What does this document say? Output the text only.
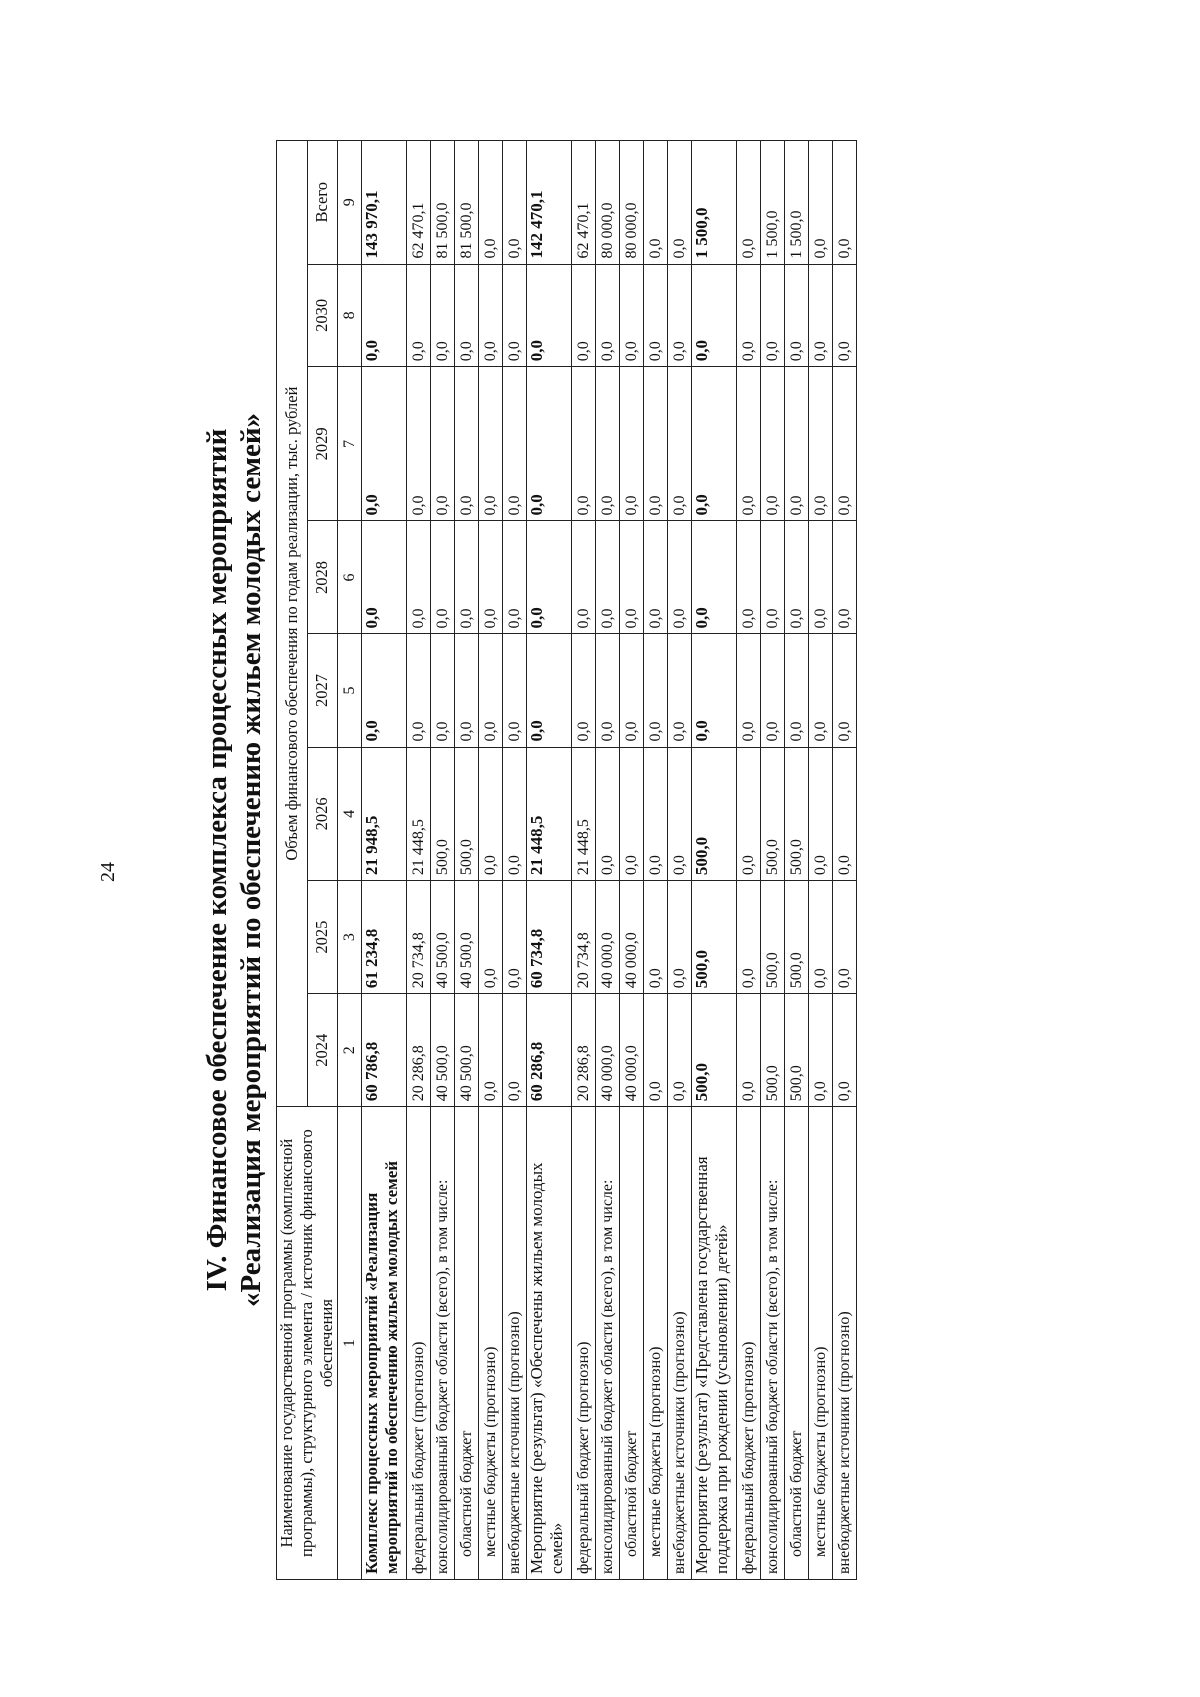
24	IV. Финансовое обеспечение комплекса процессных мероприятий «Реализация мероприятий по обеспечению жильем молодых семей»
Наименование государственной программы (комплексной программы), структурного элемента / источник финансового обеспечения	Объем финансового обеспечения по годам реализации, тыс. рублей							
	2024	2025	2026	2027	2028	2029	2030	Всего
1	2	3	4	5	6	7	8	9
Комплекс процессных мероприятий «Реализация мероприятий по обеспечению жильем молодых семей	60 786,8	61 234,8	21 948,5	0,0	0,0	0,0	0,0	143 970,1
федеральный бюджет (прогнозно)	20 286,8	20 734,8	21 448,5	0,0	0,0	0,0	0,0	62 470,1
консолидированный бюджет области (всего), в том числе:	40 500,0	40 500,0	500,0	0,0	0,0	0,0	0,0	81 500,0
областной бюджет	40 500,0	40 500,0	500,0	0,0	0,0	0,0	0,0	81 500,0
местные бюджеты (прогнозно)	0,0	0,0	0,0	0,0	0,0	0,0	0,0	0,0
внебюджетные источники (прогнозно)	0,0	0,0	0,0	0,0	0,0	0,0	0,0	0,0
Мероприятие (результат) «Обеспечены жильем молодых семей»	60 286,8	60 734,8	21 448,5	0,0	0,0	0,0	0,0	142 470,1
федеральный бюджет (прогнозно)	20 286,8	20 734,8	21 448,5	0,0	0,0	0,0	0,0	62 470,1
консолидированный бюджет области (всего), в том числе:	40 000,0	40 000,0	0,0	0,0	0,0	0,0	0,0	80 000,0
областной бюджет	40 000,0	40 000,0	0,0	0,0	0,0	0,0	0,0	80 000,0
местные бюджеты (прогнозно)	0,0	0,0	0,0	0,0	0,0	0,0	0,0	0,0
внебюджетные источники (прогнозно)	0,0	0,0	0,0	0,0	0,0	0,0	0,0	0,0
Мероприятие (результат) «Представлена государственная поддержка при рождении (усыновлении) детей»	500,0	500,0	500,0	0,0	0,0	0,0	0,0	1 500,0
федеральный бюджет (прогнозно)	0,0	0,0	0,0	0,0	0,0	0,0	0,0	0,0
консолидированный бюджет области (всего), в том числе:	500,0	500,0	500,0	0,0	0,0	0,0	0,0	1 500,0
областной бюджет	500,0	500,0	500,0	0,0	0,0	0,0	0,0	1 500,0
местные бюджеты (прогнозно)	0,0	0,0	0,0	0,0	0,0	0,0	0,0	0,0
внебюджетные источники (прогнозно)	0,0	0,0	0,0	0,0	0,0	0,0	0,0	0,0
